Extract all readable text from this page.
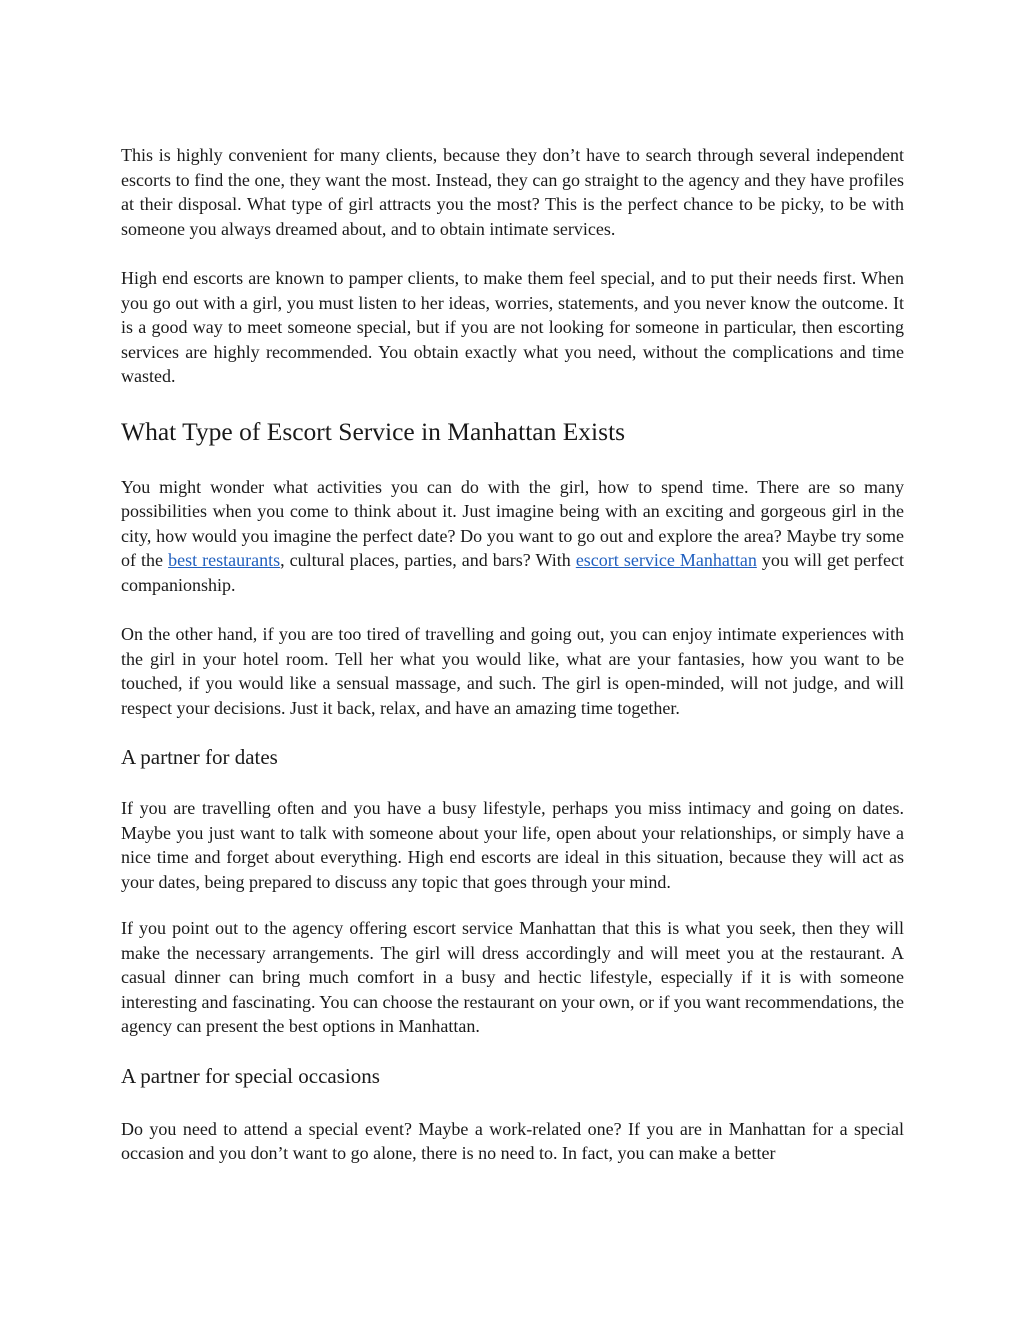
This is highly convenient for many clients, because they don’t have to search through several independent escorts to find the one, they want the most. Instead, they can go straight to the agency and they have profiles at their disposal. What type of girl attracts you the most? This is the perfect chance to be picky, to be with someone you always dreamed about, and to obtain intimate services.

High end escorts are known to pamper clients, to make them feel special, and to put their needs first. When you go out with a girl, you must listen to her ideas, worries, statements, and you never know the outcome. It is a good way to meet someone special, but if you are not looking for someone in particular, then escorting services are highly recommended. You obtain exactly what you need, without the complications and time wasted.

What Type of Escort Service in Manhattan Exists

You might wonder what activities you can do with the girl, how to spend time. There are so many possibilities when you come to think about it. Just imagine being with an exciting and gorgeous girl in the city, how would you imagine the perfect date? Do you want to go out and explore the area? Maybe try some of the best restaurants, cultural places, parties, and bars? With escort service Manhattan you will get perfect companionship.

On the other hand, if you are too tired of travelling and going out, you can enjoy intimate experiences with the girl in your hotel room. Tell her what you would like, what are your fantasies, how you want to be touched, if you would like a sensual massage, and such. The girl is open-minded, will not judge, and will respect your decisions. Just it back, relax, and have an amazing time together.

A partner for dates

If you are travelling often and you have a busy lifestyle, perhaps you miss intimacy and going on dates. Maybe you just want to talk with someone about your life, open about your relationships, or simply have a nice time and forget about everything. High end escorts are ideal in this situation, because they will act as your dates, being prepared to discuss any topic that goes through your mind.

If you point out to the agency offering escort service Manhattan that this is what you seek, then they will make the necessary arrangements. The girl will dress accordingly and will meet you at the restaurant. A casual dinner can bring much comfort in a busy and hectic lifestyle, especially if it is with someone interesting and fascinating. You can choose the restaurant on your own, or if you want recommendations, the agency can present the best options in Manhattan.

A partner for special occasions

Do you need to attend a special event? Maybe a work-related one? If you are in Manhattan for a special occasion and you don’t want to go alone, there is no need to. In fact, you can make a better
